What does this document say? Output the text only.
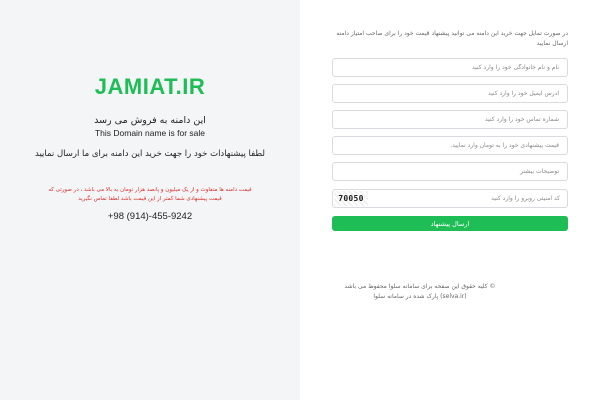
JAMIAT.IR
این دامنه به فروش می رسد
This Domain name is for sale
لطفا پیشنهادات خود را جهت خرید این دامنه برای ما ارسال نمایید
قیمت دامنه ها متفاوت و از یک میلیون و پانصد هزار تومان به بالا می باشد ، در صورتی که قیمت پیشنهادی شما کمتر از این قیمت باشد لطفا تماس نگیرید
+98 (914)-455-9242
در صورت تمایل جهت خرید این دامنه می توانید پیشنهاد قیمت خود را برای صاحب امتیاز دامنه ارسال نمایید
نام و نام خانوادگی خود را وارد کنید
آدرس ایمیل خود را وارد کنید
شماره تماس خود را وارد کنید
قیمت پیشنهادی خود را به تومان وارد نمایید.
توضیحات بیشتر
70050
کد امنیتی روبرو را وارد کنید
ارسال پیشنهاد
© کلیه حقوق این صفحه برای سامانه سلوا محفوظ می باشد (selva.ir) پارک شده در سامانه سلوا
